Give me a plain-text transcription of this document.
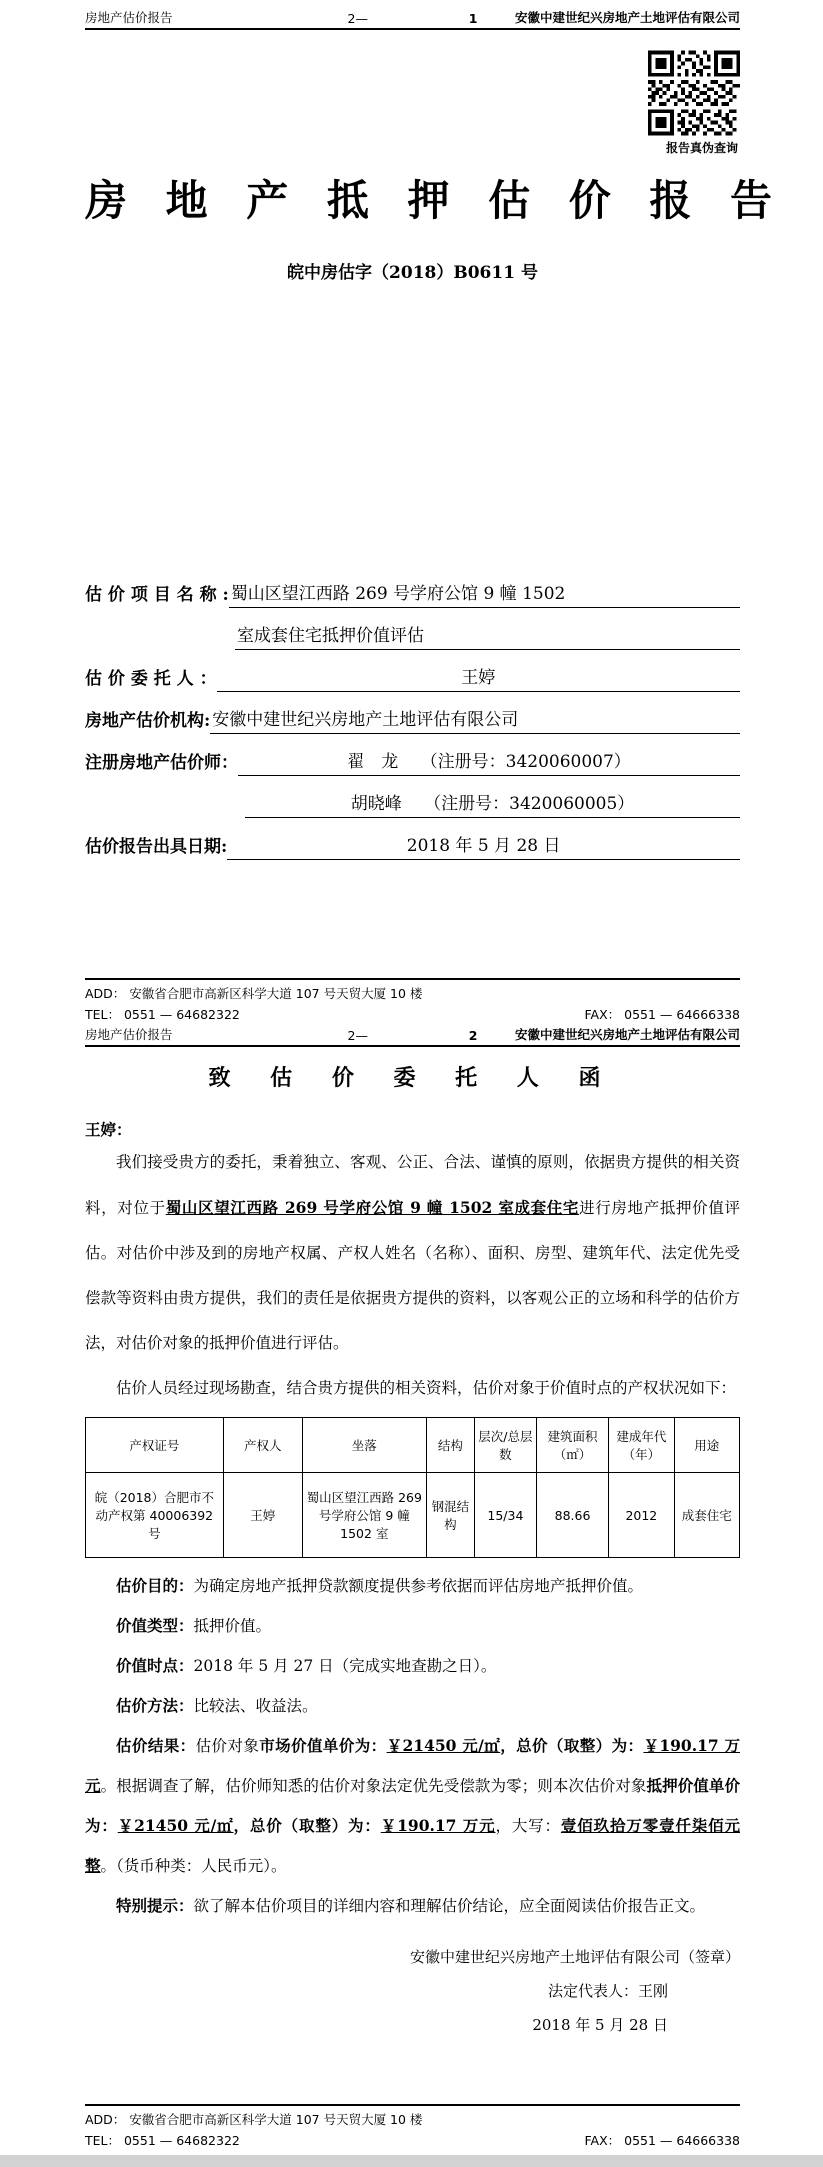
房地产估价报告	2—	1	安徽中建世纪兴房地产土地评估有限公司
报告真伪查询
房 地 产 抵 押 估 价 报 告
皖中房估字（2018）B0611 号
估 价 项 目 名 称 : 蜀山区望江西路 269 号学府公馆 9 幢 1502
室成套住宅抵押价值评估
估 价 委 托 人 ：	王婷
房地产估价机构: 安徽中建世纪兴房地产土地评估有限公司
注册房地产估价师：	翟　龙　 （注册号：3420060007）
胡晓峰　 （注册号：3420060005）
估价报告出具日期:	2018 年 5 月 28 日
ADD： 安徽省合肥市高新区科学大道 107 号天贸大厦 10 楼
TEL： 0551 — 64682322	FAX： 0551 — 64666338
房地产估价报告	2—	2	安徽中建世纪兴房地产土地评估有限公司
致 估 价 委 托 人 函
王婷：

我们接受贵方的委托，秉着独立、客观、公正、合法、谨慎的原则，依据贵方提供的相关资料，对位于蜀山区望江西路 269 号学府公馆 9 幢 1502 室成套住宅进行房地产抵押价值评估。对估价中涉及到的房地产权属、产权人姓名（名称）、面积、房型、建筑年代、法定优先受偿款等资料由贵方提供，我们的责任是依据贵方提供的资料，以客观公正的立场和科学的估价方法，对估价对象的抵押价值进行评估。

估价人员经过现场勘查，结合贵方提供的相关资料，估价对象于价值时点的产权状况如下：

产权证号	产权人	坐落	结构	层次/总层数	建筑面积（㎡）	建成年代（年）	用途
皖（2018）合肥市不动产权第 40006392 号	王婷	蜀山区望江西路 269 号学府公馆 9 幢 1502 室	钢混结构	15/34	88.66	2012	成套住宅

估价目的：为确定房地产抵押贷款额度提供参考依据而评估房地产抵押价值。

价值类型：抵押价值。

价值时点：2018 年 5 月 27 日（完成实地查勘之日）。

估价方法：比较法、收益法。

估价结果：估价对象市场价值单价为：￥21450 元/㎡，总价（取整）为：￥190.17 万元。根据调查了解，估价师知悉的估价对象法定优先受偿款为零；则本次估价对象抵押价值单价为：￥21450 元/㎡，总价（取整）为：￥190.17 万元，大写：壹佰玖拾万零壹仟柒佰元整。（货币种类：人民币元）。

特别提示：欲了解本估价项目的详细内容和理解估价结论，应全面阅读估价报告正文。

安徽中建世纪兴房地产土地评估有限公司（签章）
法定代表人：王刚
2018 年 5 月 28 日
ADD： 安徽省合肥市高新区科学大道 107 号天贸大厦 10 楼
TEL： 0551 — 64682322	FAX： 0551 — 64666338
